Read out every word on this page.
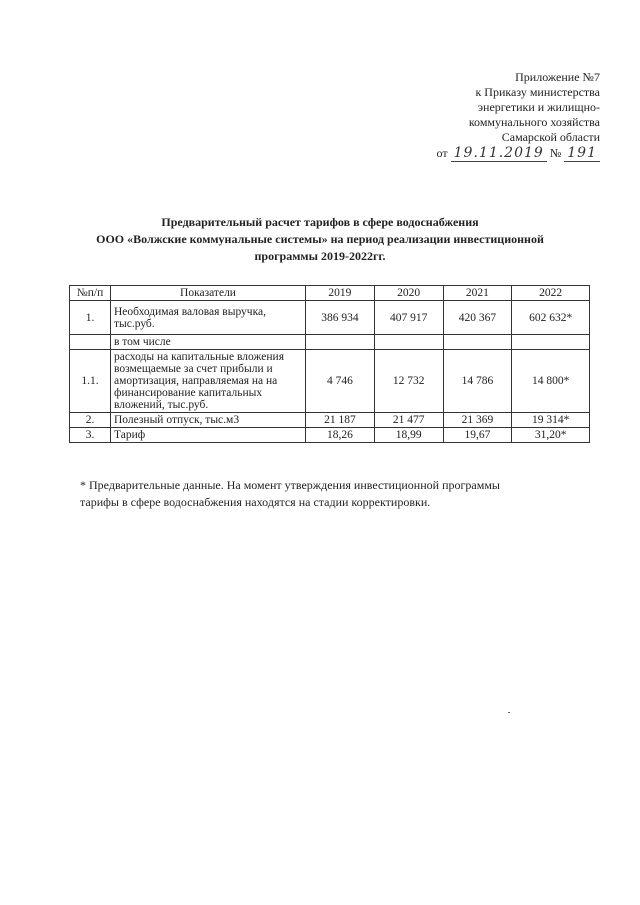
Приложение №7
к Приказу министерства
энергетики и жилищно-
коммунального хозяйства
Самарской области
от 19.11.2019 № 191
Предварительный расчет тарифов в сфере водоснабжения
ООО «Волжские коммунальные системы» на период реализации инвестиционной
программы 2019-2022гг.
№п/п	Показатели	2019	2020	2021	2022
1.	Необходимая валовая выручка, тыс.руб.	386 934	407 917	420 367	602 632*
	в том числе				
1.1.	расходы на капитальные вложения возмещаемые за счет прибыли и амортизация, направляемая на на финансирование капитальных вложений, тыс.руб.	4 746	12 732	14 786	14 800*
2.	Полезный отпуск, тыс.м3	21 187	21 477	21 369	19 314*
3.	Тариф	18,26	18,99	19,67	31,20*
* Предварительные данные. На момент утверждения инвестиционной программы
тарифы в сфере водоснабжения находятся на стадии корректировки.
